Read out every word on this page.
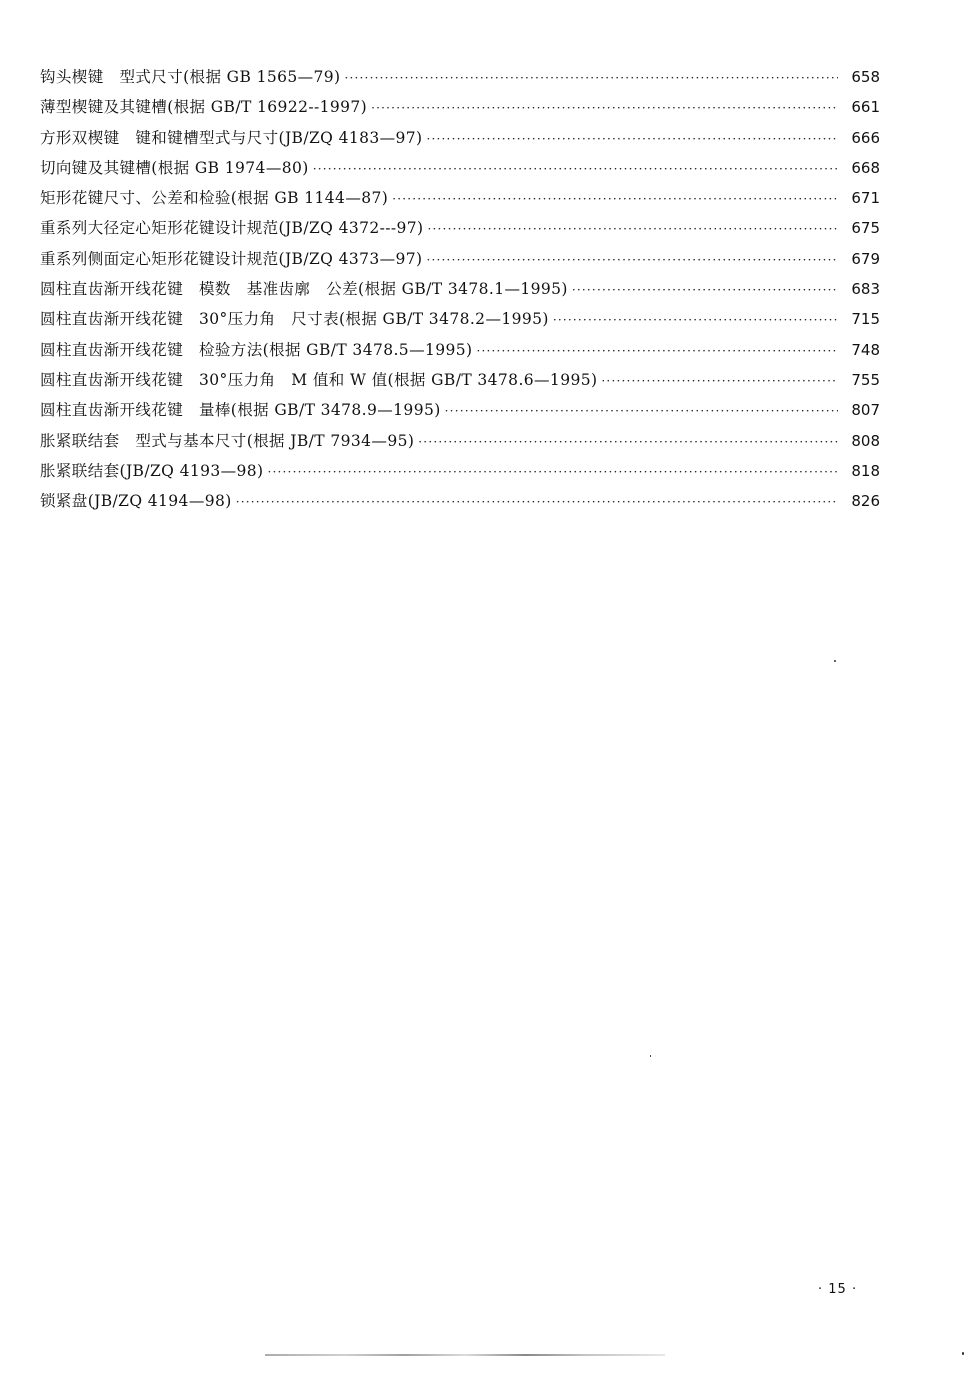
钩头楔键　型式尺寸(根据 GB 1565—79) ·····	658
薄型楔键及其键槽(根据 GB/T 16922--1997) ·····	661
方形双楔键　键和键槽型式与尺寸(JB/ZQ 4183—97) ·····	666
切向键及其键槽(根据 GB 1974—80) ·····	668
矩形花键尺寸、公差和检验(根据 GB 1144—87) ·····	671
重系列大径定心矩形花键设计规范(JB/ZQ 4372---97) ·····	675
重系列侧面定心矩形花键设计规范(JB/ZQ 4373—97) ·····	679
圆柱直齿渐开线花键　模数　基准齿廓　公差(根据 GB/T 3478.1—1995) ·····	683
圆柱直齿渐开线花键　30°压力角　尺寸表(根据 GB/T 3478.2—1995) ·····	715
圆柱直齿渐开线花键　检验方法(根据 GB/T 3478.5—1995) ·····	748
圆柱直齿渐开线花键　30°压力角　M 值和 W 值(根据 GB/T 3478.6—1995) ·····	755
圆柱直齿渐开线花键　量棒(根据 GB/T 3478.9—1995) ·····	807
胀紧联结套　型式与基本尺寸(根据 JB/T 7934—95) ·····	808
胀紧联结套(JB/ZQ 4193—98) ·····	818
锁紧盘(JB/ZQ 4194—98) ·····	826
· 15 ·
